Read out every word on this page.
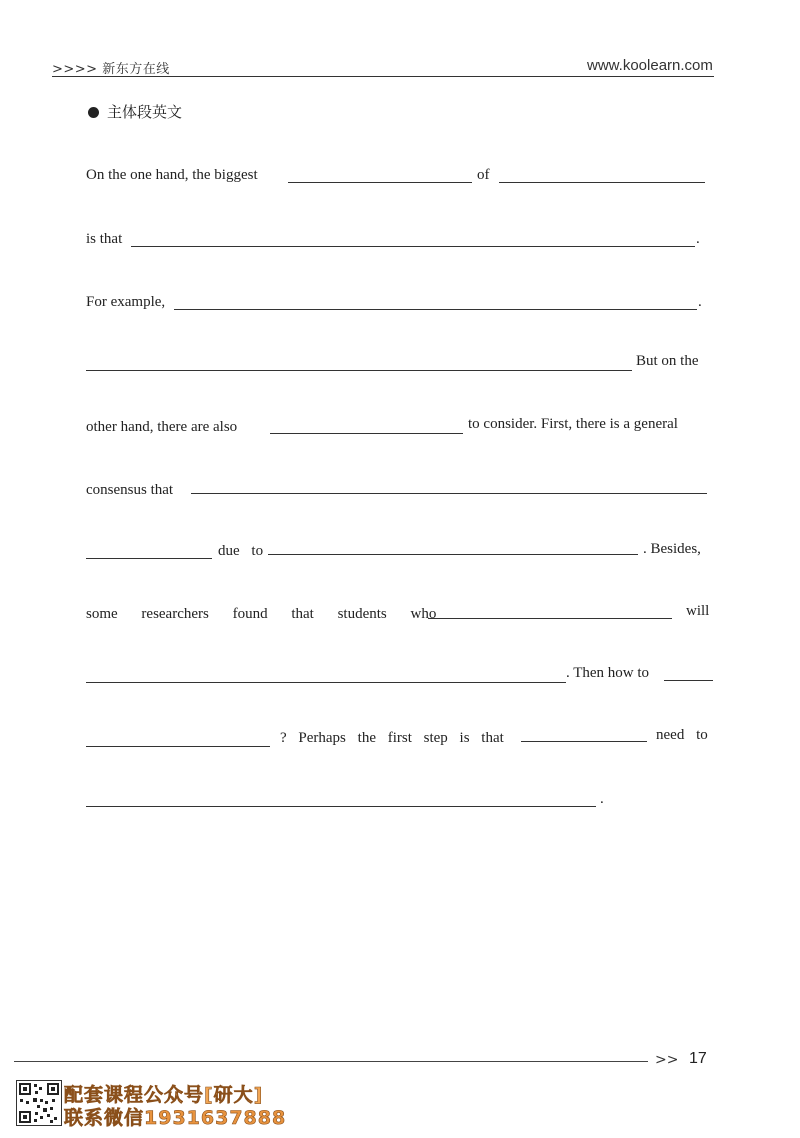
>>>> 新东方在线	www.koolearn.com
主体段英文
On the one hand, the biggest	of
is that	.
For example,	.
But on the
other hand, there are also	to consider. First, there is a general
consensus that
due to	. Besides,
some researchers found that students who	will
. Then how to
? Perhaps the first step is that	need to
.
>> 17
配套课程公众号[研大]
联系微信1931637888
